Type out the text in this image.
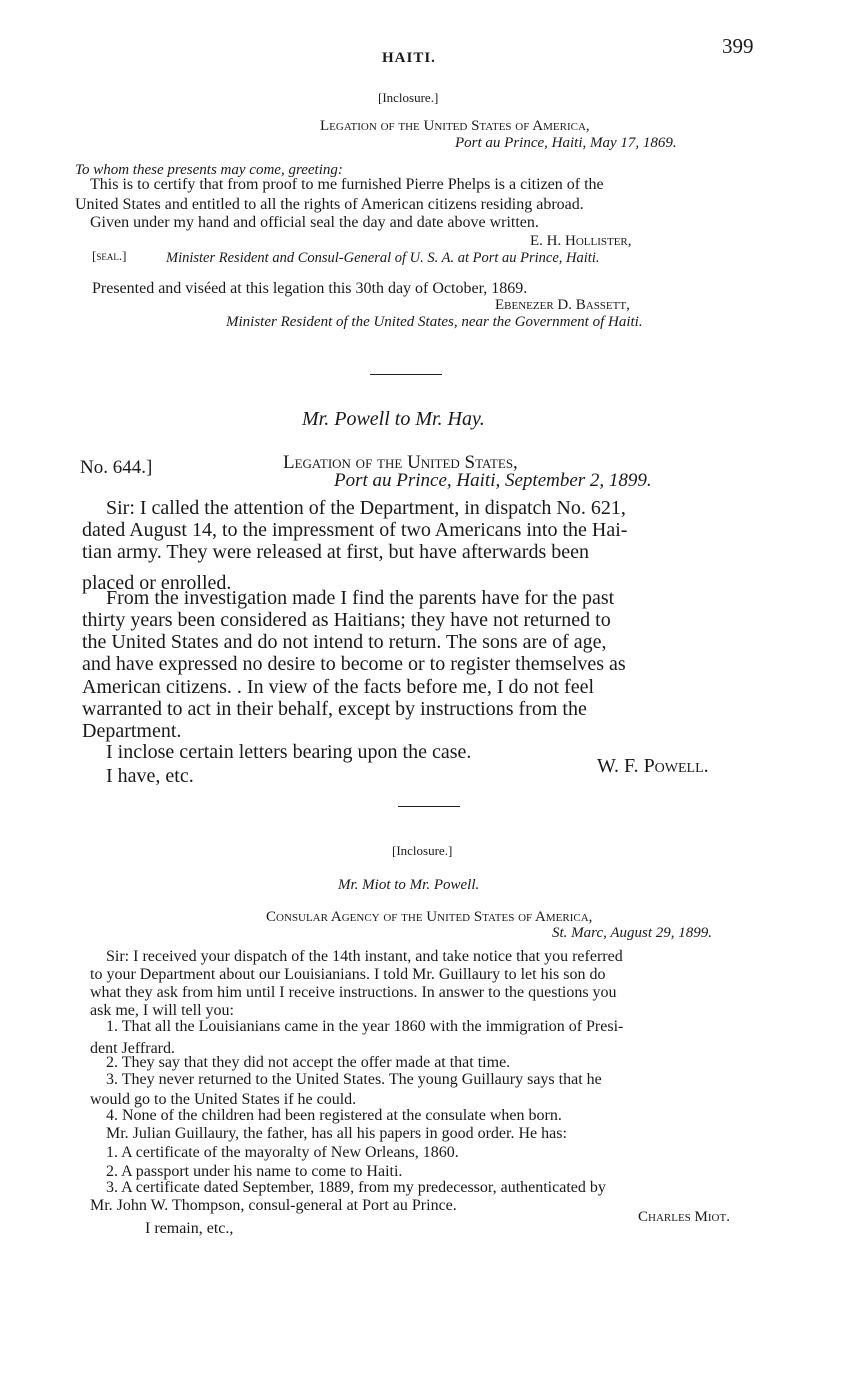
HAITI.	399
[Inclosure.]
Legation of the United States of America,
Port au Prince, Haiti, May 17, 1869.
To whom these presents may come, greeting:
This is to certify that from proof to me furnished Pierre Phelps is a citizen of the
United States and entitled to all the rights of American citizens residing abroad.
Given under my hand and official seal the day and date above written.
E. H. Hollister,
[seal.]	Minister Resident and Consul-General of U. S. A. at Port au Prince, Haiti.
Presented and viséed at this legation this 30th day of October, 1869.
Ebenezer D. Bassett,
Minister Resident of the United States, near the Government of Haiti.
Mr. Powell to Mr. Hay.
No. 644.]	Legation of the United States,
Port au Prince, Haiti, September 2, 1899.
Sir: I called the attention of the Department, in dispatch No. 621,
dated August 14, to the impressment of two Americans into the Hai-
tian army. They were released at first, but have afterwards been
placed or enrolled.
From the investigation made I find the parents have for the past
thirty years been considered as Haitians; they have not returned to
the United States and do not intend to return. The sons are of age,
and have expressed no desire to become or to register themselves as
American citizens. . In view of the facts before me, I do not feel
warranted to act in their behalf, except by instructions from the
Department.
I inclose certain letters bearing upon the case.
I have, etc.	W. F. Powell.
[Inclosure.]
Mr. Miot to Mr. Powell.
Consular Agency of the United States of America,
St. Marc, August 29, 1899.
Sir: I received your dispatch of the 14th instant, and take notice that you referred
to your Department about our Louisianians. I told Mr. Guillaury to let his son do
what they ask from him until I receive instructions. In answer to the questions you
ask me, I will tell you:
1. That all the Louisianians came in the year 1860 with the immigration of Presi-
dent Jeffrard.
2. They say that they did not accept the offer made at that time.
3. They never returned to the United States. The young Guillaury says that he
would go to the United States if he could.
4. None of the children had been registered at the consulate when born.
Mr. Julian Guillaury, the father, has all his papers in good order. He has:
1. A certificate of the mayoralty of New Orleans, 1860.
2. A passport under his name to come to Haiti.
3. A certificate dated September, 1889, from my predecessor, authenticated by
Mr. John W. Thompson, consul-general at Port au Prince.
I remain, etc.,
Charles Miot.
